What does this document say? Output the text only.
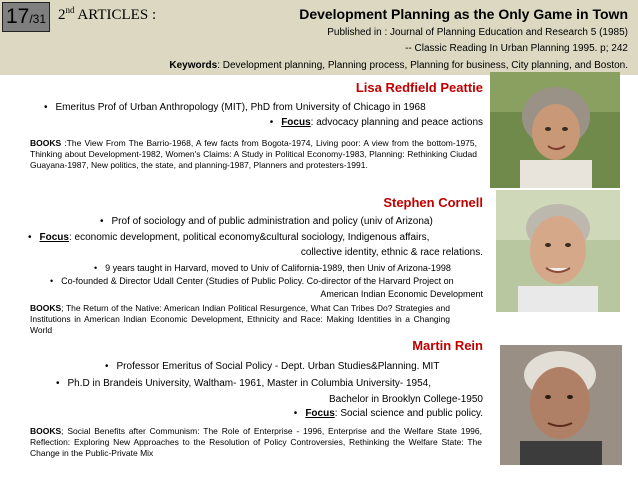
17 /31 2nd ARTICLES :	Development Planning as the Only Game in Town
Published in : Journal of Planning Education and Research 5 (1985)
-- Classic Reading In Urban Planning 1995. p; 242
Keywords: Development planning, Planning process, Planning for business, City planning, and Boston.
Lisa Redfield Peattie
• Emeritus Prof of Urban Anthropology (MIT), PhD from University of Chicago in 1968
• Focus: advocacy planning and peace actions
BOOKS :The View From The Barrio-1968, A few facts from Bogota-1974, Living poor: A view from the bottom-1975, Thinking about Development-1982, Women's Claims: A Study in Political Economy-1983, Planning: Rethinking Ciudad Guayana-1987, New politics, the state, and planning-1987, Planners and protesters-1991.
Stephen Cornell
• Prof of sociology and of public administration and policy (univ of Arizona)
• Focus: economic development, political economy&cultural sociology, Indigenous affairs,
collective identity, ethnic & race relations.
• 9 years taught in Harvard, moved to Univ of California-1989, then Univ of Arizona-1998
• Co-founded & Director Udall Center (Studies of Public Policy. Co-director of the Harvard Project on
American Indian Economic Development
BOOKS; The Return of the Native: American Indian Political Resurgence, What Can Tribes Do? Strategies and Institutions in American Indian Economic Development, Ethnicity and Race: Making Identities in a Changing World
Martin Rein
• Professor Emeritus of Social Policy - Dept. Urban Studies&Planning. MIT
• Ph.D in Brandeis University, Waltham- 1961, Master in Columbia University- 1954,
Bachelor in Brooklyn College-1950
• Focus: Social science and public policy.
BOOKS; Social Benefits after Communism: The Role of Enterprise - 1996, Enterprise and the Welfare State 1996, Reflection: Exploring New Approaches to the Resolution of Policy Controversies, Rethinking the Welfare State: The Change in the Public-Private Mix
